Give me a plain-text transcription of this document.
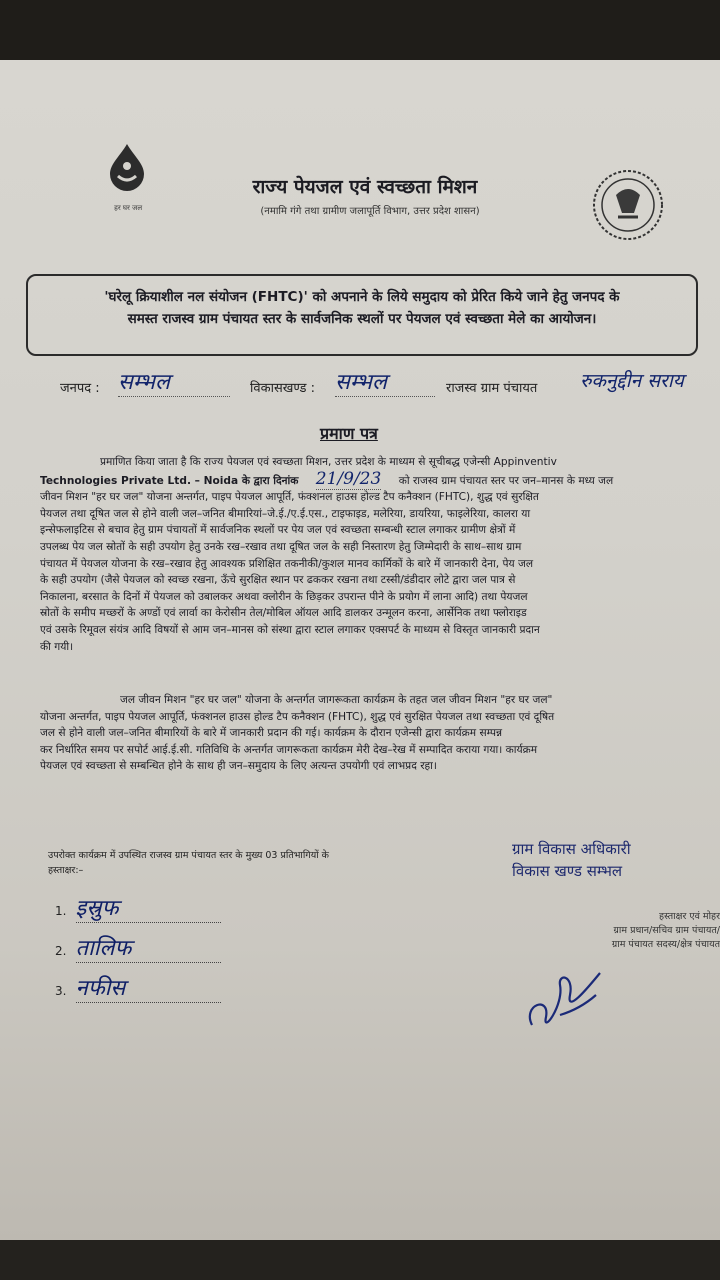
‌ हर घर जल
राज्य पेयजल एवं स्वच्छता मिशन
(नमामि गंगे तथा ग्रामीण जलापूर्ति विभाग, उत्तर प्रदेश शासन)

'घरेलू क्रियाशील नल संयोजन (FHTC)' को अपनाने के लिये समुदाय को प्रेरित किये जाने हेतु जनपद के
समस्त राजस्व ग्राम पंचायत स्तर के सार्वजनिक स्थलों पर पेयजल एवं स्वच्छता मेले का आयोजन।

जनपद : सम्भल	विकासखण्ड : सम्भल	राजस्व ग्राम पंचायत रुकनुद्दीन सराय
प्रमाण पत्र
प्रमाणित किया जाता है कि राज्य पेयजल एवं स्वच्छता मिशन, उत्तर प्रदेश के माध्यम से सूचीबद्ध एजेन्सी Appinventiv
Technologies Private Ltd. – Noida के द्वारा दिनांक 21/9/23 को राजस्व ग्राम पंचायत स्तर पर जन–मानस के मध्य जल
जीवन मिशन "हर घर जल" योजना अन्तर्गत, पाइप पेयजल आपूर्ति, फंक्शनल हाउस होल्ड टैप कनैक्शन (FHTC), शुद्ध एवं सुरक्षित
पेयजल तथा दूषित जल से होने वाली जल–जनित बीमारियां–जे.ई./ए.ई.एस., टाइफाइड, मलेरिया, डायरिया, फाइलेरिया, कालरा या
इन्सेफलाइटिस से बचाव हेतु ग्राम पंचायतों में सार्वजनिक स्थलों पर पेय जल एवं स्वच्छता सम्बन्धी स्टाल लगाकर ग्रामीण क्षेत्रों में
उपलब्ध पेय जल स्रोतों के सही उपयोग हेतु उनके रख–रखाव तथा दूषित जल के सही निस्तारण हेतु जिम्मेदारी के साथ–साथ ग्राम
पंचायत में पेयजल योजना के रख–रखाव हेतु आवश्यक प्रशिक्षित तकनीकी/कुशल मानव कार्मिकों के बारे में जानकारी देना, पेय जल
के सही उपयोग (जैसे पेयजल को स्वच्छ रखना, ऊँचे सुरक्षित स्थान पर ढककर रखना तथा टस्सी/डंडीदार लोटे द्वारा जल पात्र से
निकालना, बरसात के दिनों में पेयजल को उबालकर अथवा क्लोरीन के छिड़कर उपरान्त पीने के प्रयोग में लाना आदि) तथा पेयजल
स्रोतों के समीप मच्छरों के अण्डों एवं लार्वा का केरोसीन तेल/मोबिल ऑयल आदि डालकर उन्मूलन करना, आर्सेनिक तथा फ्लोराइड
एवं उसके रिमूवल संयंत्र आदि विषयों से आम जन–मानस को संस्था द्वारा स्टाल लगाकर एक्सपर्ट के माध्यम से विस्तृत जानकारी प्रदान
की गयी।
जल जीवन मिशन "हर घर जल" योजना के अन्तर्गत जागरूकता कार्यक्रम के तहत जल जीवन मिशन "हर घर जल"
योजना अन्तर्गत, पाइप पेयजल आपूर्ति, फंक्शनल हाउस होल्ड टैप कनैक्शन (FHTC), शुद्ध एवं सुरक्षित पेयजल तथा स्वच्छता एवं दूषित
जल से होने वाली जल–जनित बीमारियों के बारे में जानकारी प्रदान की गई। कार्यक्रम के दौरान एजेन्सी द्वारा कार्यक्रम सम्पन्न
कर निर्धारित समय पर सपोर्ट आई.ई.सी. गतिविधि के अन्तर्गत जागरूकता कार्यक्रम मेरी देख–रेख में सम्पादित कराया गया। कार्यक्रम
पेयजल एवं स्वच्छता से सम्बन्धित होने के साथ ही जन–समुदाय के लिए अत्यन्त उपयोगी एवं लाभप्रद रहा।
उपरोक्त कार्यक्रम में उपस्थित राजस्व ग्राम पंचायत स्तर के मुख्य 03 प्रतिभागियों के
हस्ताक्षर:–
1. इस्रुफ
2. तालिफ
3. नफीस
ग्राम विकास अधिकारी
विकास खण्ड सम्भल
हस्ताक्षर एवं मोहर
ग्राम प्रधान/सचिव ग्राम पंचायत/
ग्राम पंचायत सदस्य/क्षेत्र पंचायत
